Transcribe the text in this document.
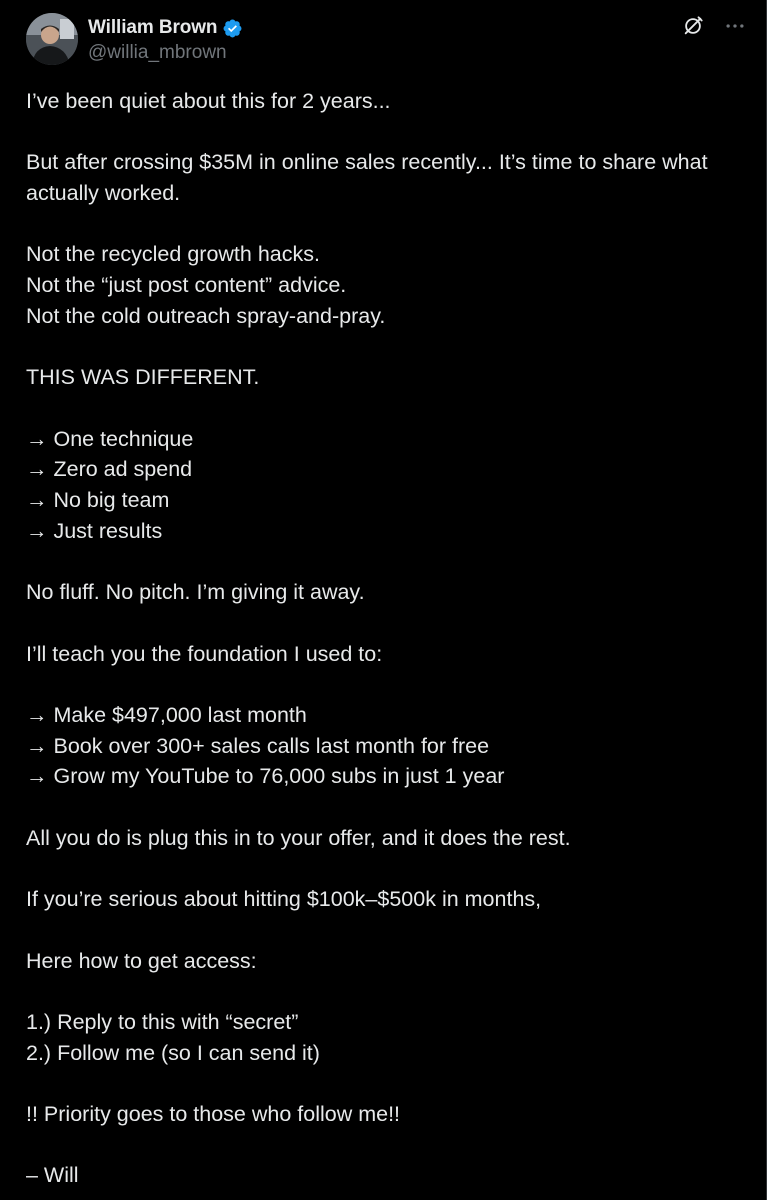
William Brown
@willia_mbrown
I’ve been quiet about this for 2 years...
But after crossing $35M in online sales recently... It’s time to share what
actually worked.
Not the recycled growth hacks.
Not the “just post content” advice.
Not the cold outreach spray-and-pray.
THIS WAS DIFFERENT.
→ One technique
→ Zero ad spend
→ No big team
→ Just results
No fluff. No pitch. I’m giving it away.
I’ll teach you the foundation I used to:
→ Make $497,000 last month
→ Book over 300+ sales calls last month for free
→ Grow my YouTube to 76,000 subs in just 1 year
All you do is plug this in to your offer, and it does the rest.
If you’re serious about hitting $100k–$500k in months,
Here how to get access:
1.) Reply to this with “secret”
2.) Follow me (so I can send it)
!! Priority goes to those who follow me!!
– Will
